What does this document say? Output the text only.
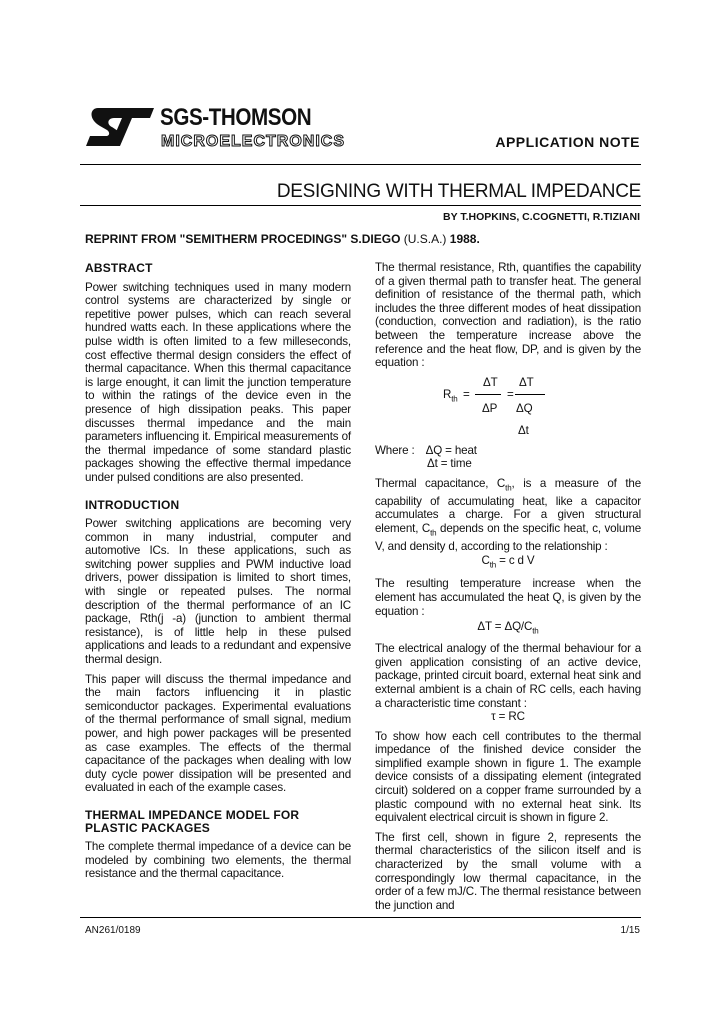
SGS-THOMSON
MICROELECTRONICS	APPLICATION NOTE
DESIGNING WITH THERMAL IMPEDANCE
BY T.HOPKINS, C.COGNETTI, R.TIZIANI
REPRINT FROM "SEMITHERM PROCEDINGS" S.DIEGO (U.S.A.) 1988.
ABSTRACT

Power switching techniques used in many modern control systems are characterized by single or repetitive power pulses, which can reach several hundred watts each. In these applications where the pulse width is often limited to a few milleseconds, cost effective thermal design considers the effect of thermal capacitance. When this thermal capacitance is large enought, it can limit the junction temperature to within the ratings of the device even in the presence of high dissipation peaks. This paper discusses thermal impedance and the main parameters influencing it. Empirical measurements of the thermal impedance of some standard plastic packages showing the effective thermal impedance under pulsed conditions are also presented.

INTRODUCTION

Power switching applications are becoming very common in many industrial, computer and automotive ICs. In these applications, such as switching power supplies and PWM inductive load drivers, power dissipation is limited to short times, with single or repeated pulses. The normal description of the thermal performance of an IC package, Rth(j -a) (junction to ambient thermal resistance), is of little help in these pulsed applications and leads to a redundant and expensive thermal design.

This paper will discuss the thermal impedance and the main factors influencing it in plastic semiconductor packages. Experimental evaluations of the thermal performance of small signal, medium power, and high power packages will be presented as case examples. The effects of the thermal capacitance of the packages when dealing with low duty cycle power dissipation will be presented and evaluated in each of the example cases.

THERMAL IMPEDANCE MODEL FOR
PLASTIC PACKAGES

The complete thermal impedance of a device can be modeled by combining two elements, the thermal resistance and the thermal capacitance.

The thermal resistance, Rth, quantifies the capability of a given thermal path to transfer heat. The general definition of resistance of the thermal path, which includes the three different modes of heat dissipation (conduction, convection and radiation), is the ratio between the temperature increase above the reference and the heat flow, DP, and is given by the equation :

$R_{th}$ =
ΔT
ΔP
=
ΔT
ΔQ
Δt
Where : ΔQ = heat
Δt = time

Thermal capacitance, $C_{th}$, is a measure of the capability of accumulating heat, like a capacitor accumulates a charge. For a given structural element, $C_{th}$ depends on the specific heat, c, volume V, and density d, according to the relationship :

$C_{th} = c$ d V

The resulting temperature increase when the element has accumulated the heat Q, is given by the equation :

$\Delta T = \Delta Q/C_{th}$

The electrical analogy of the thermal behaviour for a given application consisting of an active device, package, printed circuit board, external heat sink and external ambient is a chain of RC cells, each having a characteristic time constant :

τ = RC

To show how each cell contributes to the thermal impedance of the finished device consider the simplified example shown in figure 1. The example device consists of a dissipating element (integrated circuit) soldered on a copper frame surrounded by a plastic compound with no external heat sink. Its equivalent electrical circuit is shown in figure 2.

The first cell, shown in figure 2, represents the thermal characteristics of the silicon itself and is characterized by the small volume with a correspondingly low thermal capacitance, in the order of a few mJ/C. The thermal resistance between the junction and

AN261/0189	1/15
